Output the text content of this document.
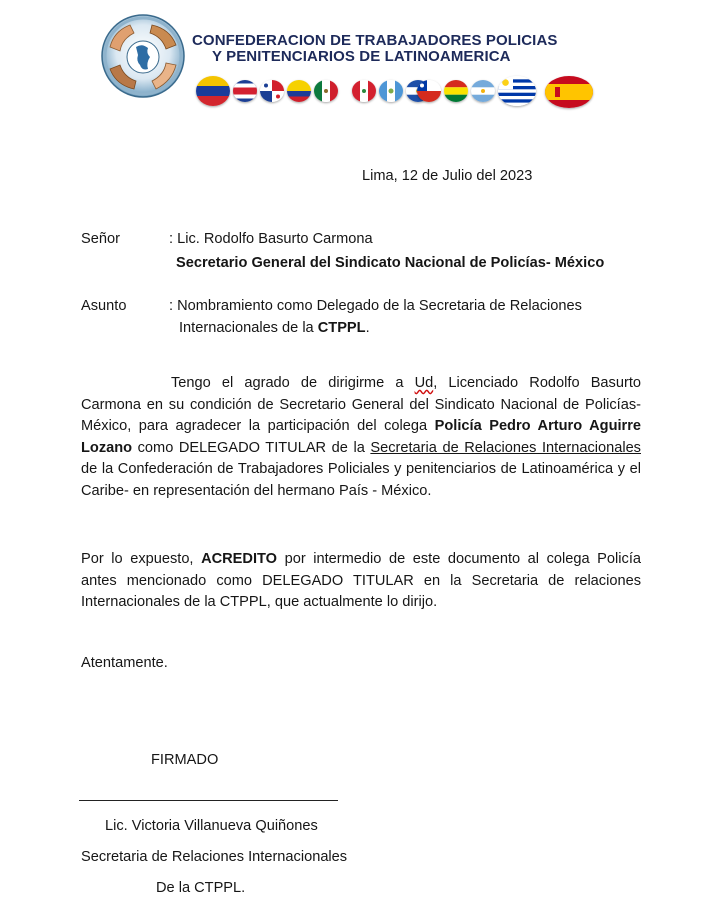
CONFEDERACION DE TRABAJADORES POLICIAS
Y PENITENCIARIOS DE LATINOAMERICA
Lima, 12 de Julio del 2023
Señor	: Lic. Rodolfo Basurto Carmona
Secretario General del Sindicato Nacional de Policías- México
Asunto	: Nombramiento como Delegado de la Secretaria de Relaciones
Internacionales de la CTPPL.
Tengo el agrado de dirigirme a Ud, Licenciado Rodolfo Basurto Carmona en su condición de Secretario General del Sindicato Nacional de Policías-México, para agradecer la participación del colega Policía Pedro Arturo Aguirre Lozano como DELEGADO TITULAR de la Secretaria de Relaciones Internacionales de la Confederación de Trabajadores Policiales y penitenciarios de Latinoamérica y el Caribe- en representación del hermano País - México.
Por lo expuesto, ACREDITO por intermedio de este documento al colega Policía antes mencionado como DELEGADO TITULAR en la Secretaria de relaciones Internacionales de la CTPPL, que actualmente lo dirijo.
Atentamente.
FIRMADO
Lic. Victoria Villanueva Quiñones
Secretaria de Relaciones Internacionales
De la CTPPL.
